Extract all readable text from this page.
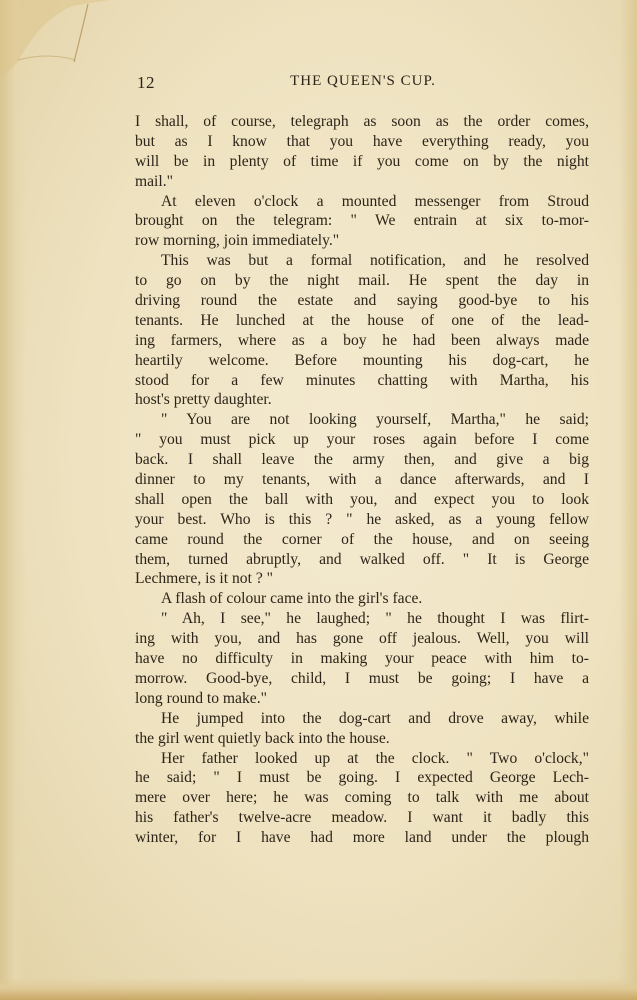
12	THE QUEEN'S CUP.
I shall, of course, telegraph as soon as the order comes,
but as I know that you have everything ready, you
will be in plenty of time if you come on by the night
mail."
At eleven o'clock a mounted messenger from Stroud
brought on the telegram: " We entrain at six to-mor-
row morning, join immediately."
This was but a formal notification, and he resolved
to go on by the night mail. He spent the day in
driving round the estate and saying good-bye to his
tenants. He lunched at the house of one of the lead-
ing farmers, where as a boy he had been always made
heartily welcome. Before mounting his dog-cart, he
stood for a few minutes chatting with Martha, his
host's pretty daughter.
" You are not looking yourself, Martha," he said;
" you must pick up your roses again before I come
back. I shall leave the army then, and give a big
dinner to my tenants, with a dance afterwards, and I
shall open the ball with you, and expect you to look
your best. Who is this ? " he asked, as a young fellow
came round the corner of the house, and on seeing
them, turned abruptly, and walked off. " It is George
Lechmere, is it not ? "
A flash of colour came into the girl's face.
" Ah, I see," he laughed; " he thought I was flirt-
ing with you, and has gone off jealous. Well, you will
have no difficulty in making your peace with him to-
morrow. Good-bye, child, I must be going; I have a
long round to make."
He jumped into the dog-cart and drove away, while
the girl went quietly back into the house.
Her father looked up at the clock. " Two o'clock,"
he said; " I must be going. I expected George Lech-
mere over here; he was coming to talk with me about
his father's twelve-acre meadow. I want it badly this
winter, for I have had more land under the plough
